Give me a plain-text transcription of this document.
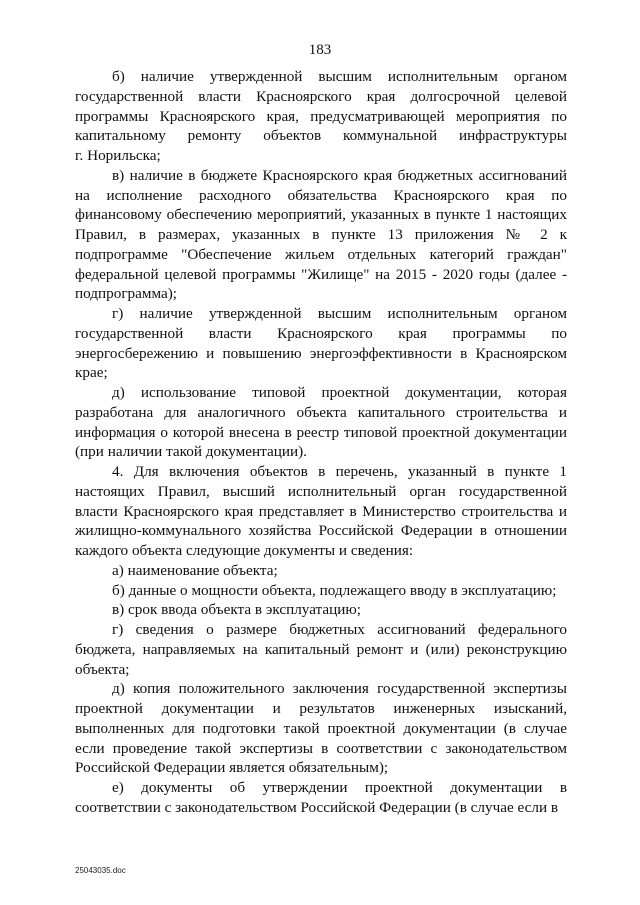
183
б) наличие утвержденной высшим исполнительным органом
государственной власти Красноярского края долгосрочной целевой
программы Красноярского края, предусматривающей мероприятия по
капитальному ремонту объектов коммунальной инфраструктуры
г. Норильска;
в) наличие в бюджете Красноярского края бюджетных ассигнований
на исполнение расходного обязательства Красноярского края по
финансовому обеспечению мероприятий, указанных в пункте 1 настоящих
Правил, в размерах, указанных в пункте 13 приложения № 2 к
подпрограмме "Обеспечение жильем отдельных категорий граждан"
федеральной целевой программы "Жилище" на 2015 - 2020 годы (далее -
подпрограмма);
г) наличие утвержденной высшим исполнительным органом
государственной власти Красноярского края программы по
энергосбережению и повышению энергоэффективности в Красноярском
крае;
д) использование типовой проектной документации, которая
разработана для аналогичного объекта капитального строительства и
информация о которой внесена в реестр типовой проектной документации
(при наличии такой документации).
4. Для включения объектов в перечень, указанный в пункте 1
настоящих Правил, высший исполнительный орган государственной
власти Красноярского края представляет в Министерство строительства и
жилищно-коммунального хозяйства Российской Федерации в отношении
каждого объекта следующие документы и сведения:
а) наименование объекта;
б) данные о мощности объекта, подлежащего вводу в эксплуатацию;
в) срок ввода объекта в эксплуатацию;
г) сведения о размере бюджетных ассигнований федерального
бюджета, направляемых на капитальный ремонт и (или) реконструкцию
объекта;
д) копия положительного заключения государственной экспертизы
проектной документации и результатов инженерных изысканий,
выполненных для подготовки такой проектной документации (в случае
если проведение такой экспертизы в соответствии с законодательством
Российской Федерации является обязательным);
е) документы об утверждении проектной документации в
соответствии с законодательством Российской Федерации (в случае если в
25043035.doc
